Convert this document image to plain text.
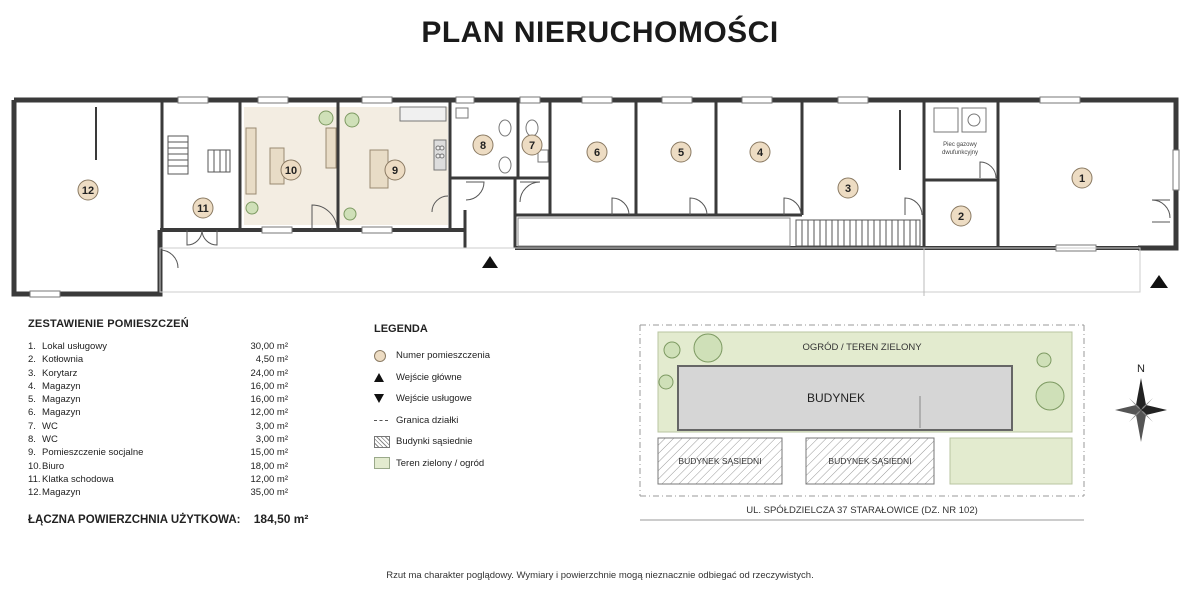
PLAN NIERUCHOMOŚCI
1
2
3
4
5
6
7
8
9
10
11
12
Piec gazowy
dwufunkcyjny
OGRÓD / TEREN ZIELONY
BUDYNEK
BUDYNEK SĄSIEDNI	BUDYNEK SĄSIEDNI
UL. SPÓŁDZIELCZA 37 STARAŁOWICE (DZ. NR 102)
N
ZESTAWIENIE POMIESZCZEŃ
1. Lokal usługowy	30,00 m²
2. Kotłownia	4,50 m²
3. Korytarz	24,00 m²
4. Magazyn	16,00 m²
5. Magazyn	16,00 m²
6. Magazyn	12,00 m²
7. WC	3,00 m²
8. WC	3,00 m²
9. Pomieszczenie socjalne	15,00 m²
10.Biuro	18,00 m²
11.Klatka schodowa	12,00 m²
12.Magazyn	35,00 m²
ŁĄCZNA POWIERZCHNIA UŻYTKOWA: 184,50 m²
LEGENDA
Numer pomieszczenia
Wejście główne
Wejście usługowe
Granica działki
Budynki sąsiednie
Teren zielony / ogród
Rzut ma charakter poglądowy. Wymiary i powierzchnie mogą nieznacznie odbiegać od rzeczywistych.
